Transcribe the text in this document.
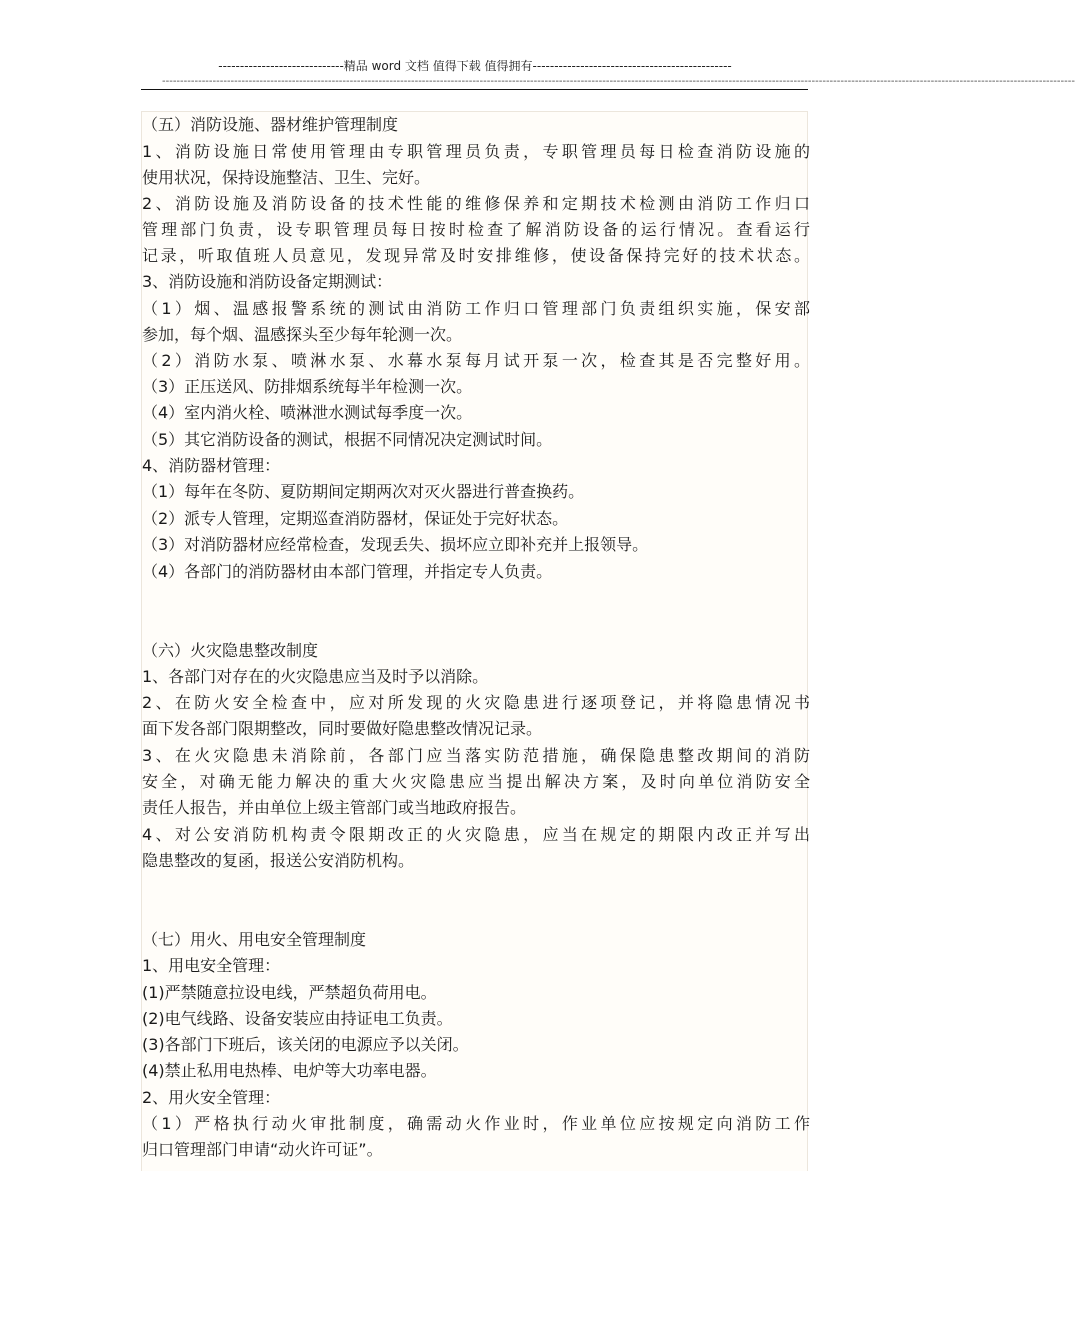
-----------------------------精品 word 文档 值得下载 值得拥有----------------------------------------------
-------------------------------------------------------------------------------------------------------------------------------------------------------------------------------------------------------------------------------------------------------------
（五）消防设施、器材维护管理制度
1、消防设施日常使用管理由专职管理员负责，专职管理员每日检查消防设施的
使用状况，保持设施整洁、卫生、完好。
2、消防设施及消防设备的技术性能的维修保养和定期技术检测由消防工作归口
管理部门负责，设专职管理员每日按时检查了解消防设备的运行情况。查看运行
记录，听取值班人员意见，发现异常及时安排维修，使设备保持完好的技术状态。
3、消防设施和消防设备定期测试：
（1）烟、温感报警系统的测试由消防工作归口管理部门负责组织实施，保安部
参加，每个烟、温感探头至少每年轮测一次。
（2）消防水泵、喷淋水泵、水幕水泵每月试开泵一次，检查其是否完整好用。
（3）正压送风、防排烟系统每半年检测一次。
（4）室内消火栓、喷淋泄水测试每季度一次。
（5）其它消防设备的测试，根据不同情况决定测试时间。
4、消防器材管理：
（1）每年在冬防、夏防期间定期两次对灭火器进行普查换药。
（2）派专人管理，定期巡查消防器材，保证处于完好状态。
（3）对消防器材应经常检查，发现丢失、损坏应立即补充并上报领导。
（4）各部门的消防器材由本部门管理，并指定专人负责。
（六）火灾隐患整改制度
1、各部门对存在的火灾隐患应当及时予以消除。
2、在防火安全检查中，应对所发现的火灾隐患进行逐项登记，并将隐患情况书
面下发各部门限期整改，同时要做好隐患整改情况记录。
3、在火灾隐患未消除前，各部门应当落实防范措施，确保隐患整改期间的消防
安全，对确无能力解决的重大火灾隐患应当提出解决方案，及时向单位消防安全
责任人报告，并由单位上级主管部门或当地政府报告。
4、对公安消防机构责令限期改正的火灾隐患，应当在规定的期限内改正并写出
隐患整改的复函，报送公安消防机构。
（七）用火、用电安全管理制度
1、用电安全管理：
(1)严禁随意拉设电线，严禁超负荷用电。
(2)电气线路、设备安装应由持证电工负责。
(3)各部门下班后，该关闭的电源应予以关闭。
(4)禁止私用电热棒、电炉等大功率电器。
2、用火安全管理：
（1）严格执行动火审批制度，确需动火作业时，作业单位应按规定向消防工作
归口管理部门申请“动火许可证”。
